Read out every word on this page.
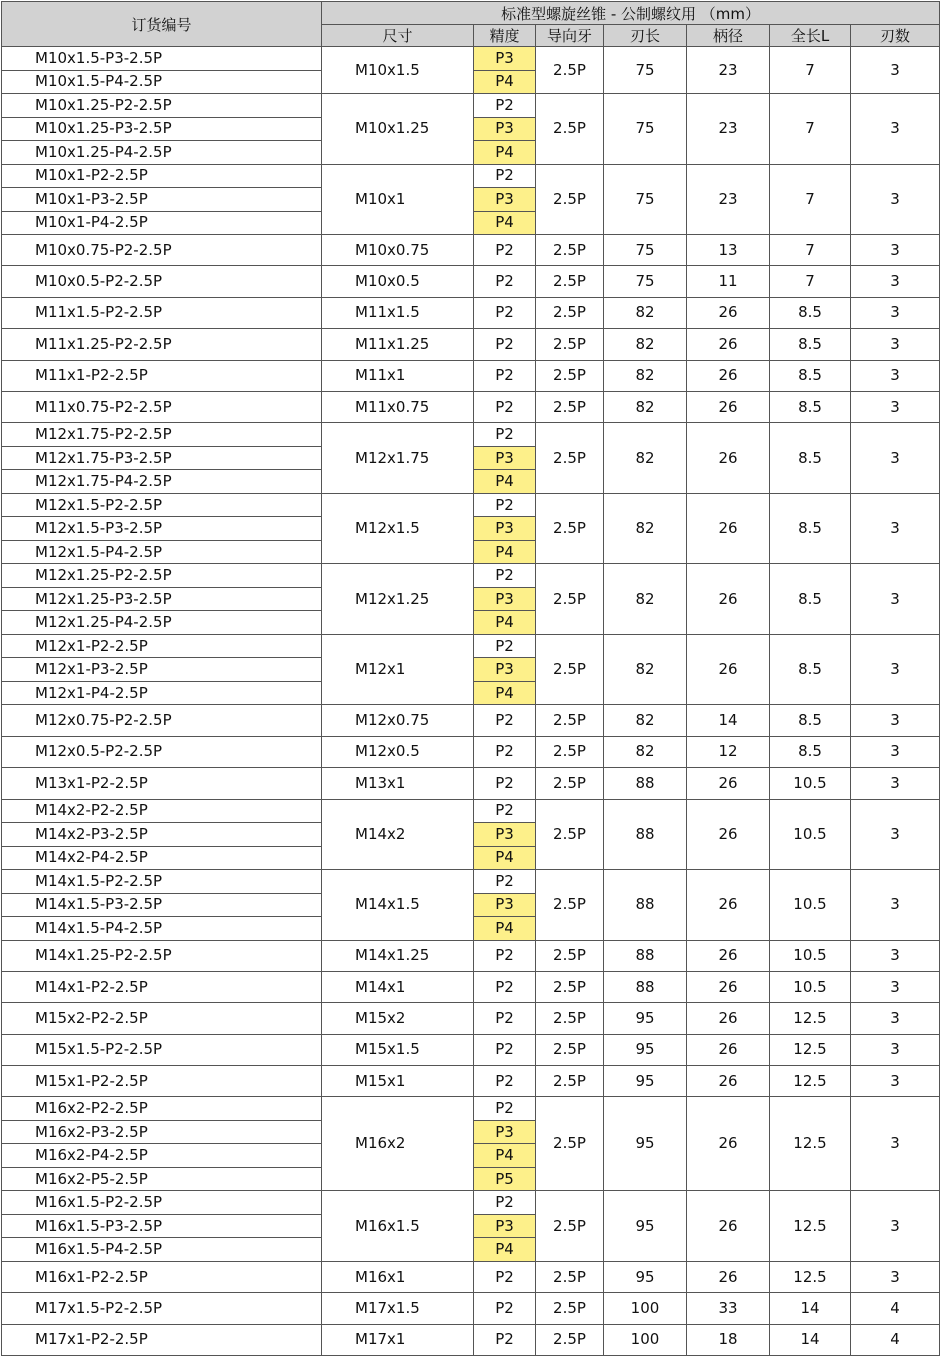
订货编号	标准型螺旋丝锥 - 公制螺纹用 （mm）						
	尺寸	精度	导向牙	刃长	柄径	全长L	刃数
M10x1.5-P3-2.5P	M10x1.5	P3	2.5P	75	23	7	3
M10x1.5-P4-2.5P		P4					
M10x1.25-P2-2.5P	M10x1.25	P2	2.5P	75	23	7	3
M10x1.25-P3-2.5P		P3					
M10x1.25-P4-2.5P		P4					
M10x1-P2-2.5P	M10x1	P2	2.5P	75	23	7	3
M10x1-P3-2.5P		P3					
M10x1-P4-2.5P		P4					
M10x0.75-P2-2.5P	M10x0.75	P2	2.5P	75	13	7	3
M10x0.5-P2-2.5P	M10x0.5	P2	2.5P	75	11	7	3
M11x1.5-P2-2.5P	M11x1.5	P2	2.5P	82	26	8.5	3
M11x1.25-P2-2.5P	M11x1.25	P2	2.5P	82	26	8.5	3
M11x1-P2-2.5P	M11x1	P2	2.5P	82	26	8.5	3
M11x0.75-P2-2.5P	M11x0.75	P2	2.5P	82	26	8.5	3
M12x1.75-P2-2.5P	M12x1.75	P2	2.5P	82	26	8.5	3
M12x1.75-P3-2.5P		P3					
M12x1.75-P4-2.5P		P4					
M12x1.5-P2-2.5P	M12x1.5	P2	2.5P	82	26	8.5	3
M12x1.5-P3-2.5P		P3					
M12x1.5-P4-2.5P		P4					
M12x1.25-P2-2.5P	M12x1.25	P2	2.5P	82	26	8.5	3
M12x1.25-P3-2.5P		P3					
M12x1.25-P4-2.5P		P4					
M12x1-P2-2.5P	M12x1	P2	2.5P	82	26	8.5	3
M12x1-P3-2.5P		P3					
M12x1-P4-2.5P		P4					
M12x0.75-P2-2.5P	M12x0.75	P2	2.5P	82	14	8.5	3
M12x0.5-P2-2.5P	M12x0.5	P2	2.5P	82	12	8.5	3
M13x1-P2-2.5P	M13x1	P2	2.5P	88	26	10.5	3
M14x2-P2-2.5P	M14x2	P2	2.5P	88	26	10.5	3
M14x2-P3-2.5P		P3					
M14x2-P4-2.5P		P4					
M14x1.5-P2-2.5P	M14x1.5	P2	2.5P	88	26	10.5	3
M14x1.5-P3-2.5P		P3					
M14x1.5-P4-2.5P		P4					
M14x1.25-P2-2.5P	M14x1.25	P2	2.5P	88	26	10.5	3
M14x1-P2-2.5P	M14x1	P2	2.5P	88	26	10.5	3
M15x2-P2-2.5P	M15x2	P2	2.5P	95	26	12.5	3
M15x1.5-P2-2.5P	M15x1.5	P2	2.5P	95	26	12.5	3
M15x1-P2-2.5P	M15x1	P2	2.5P	95	26	12.5	3
M16x2-P2-2.5P	M16x2	P2	2.5P	95	26	12.5	3
M16x2-P3-2.5P		P3					
M16x2-P4-2.5P		P4					
M16x2-P5-2.5P		P5					
M16x1.5-P2-2.5P	M16x1.5	P2	2.5P	95	26	12.5	3
M16x1.5-P3-2.5P		P3					
M16x1.5-P4-2.5P		P4					
M16x1-P2-2.5P	M16x1	P2	2.5P	95	26	12.5	3
M17x1.5-P2-2.5P	M17x1.5	P2	2.5P	100	33	14	4
M17x1-P2-2.5P	M17x1	P2	2.5P	100	18	14	4
